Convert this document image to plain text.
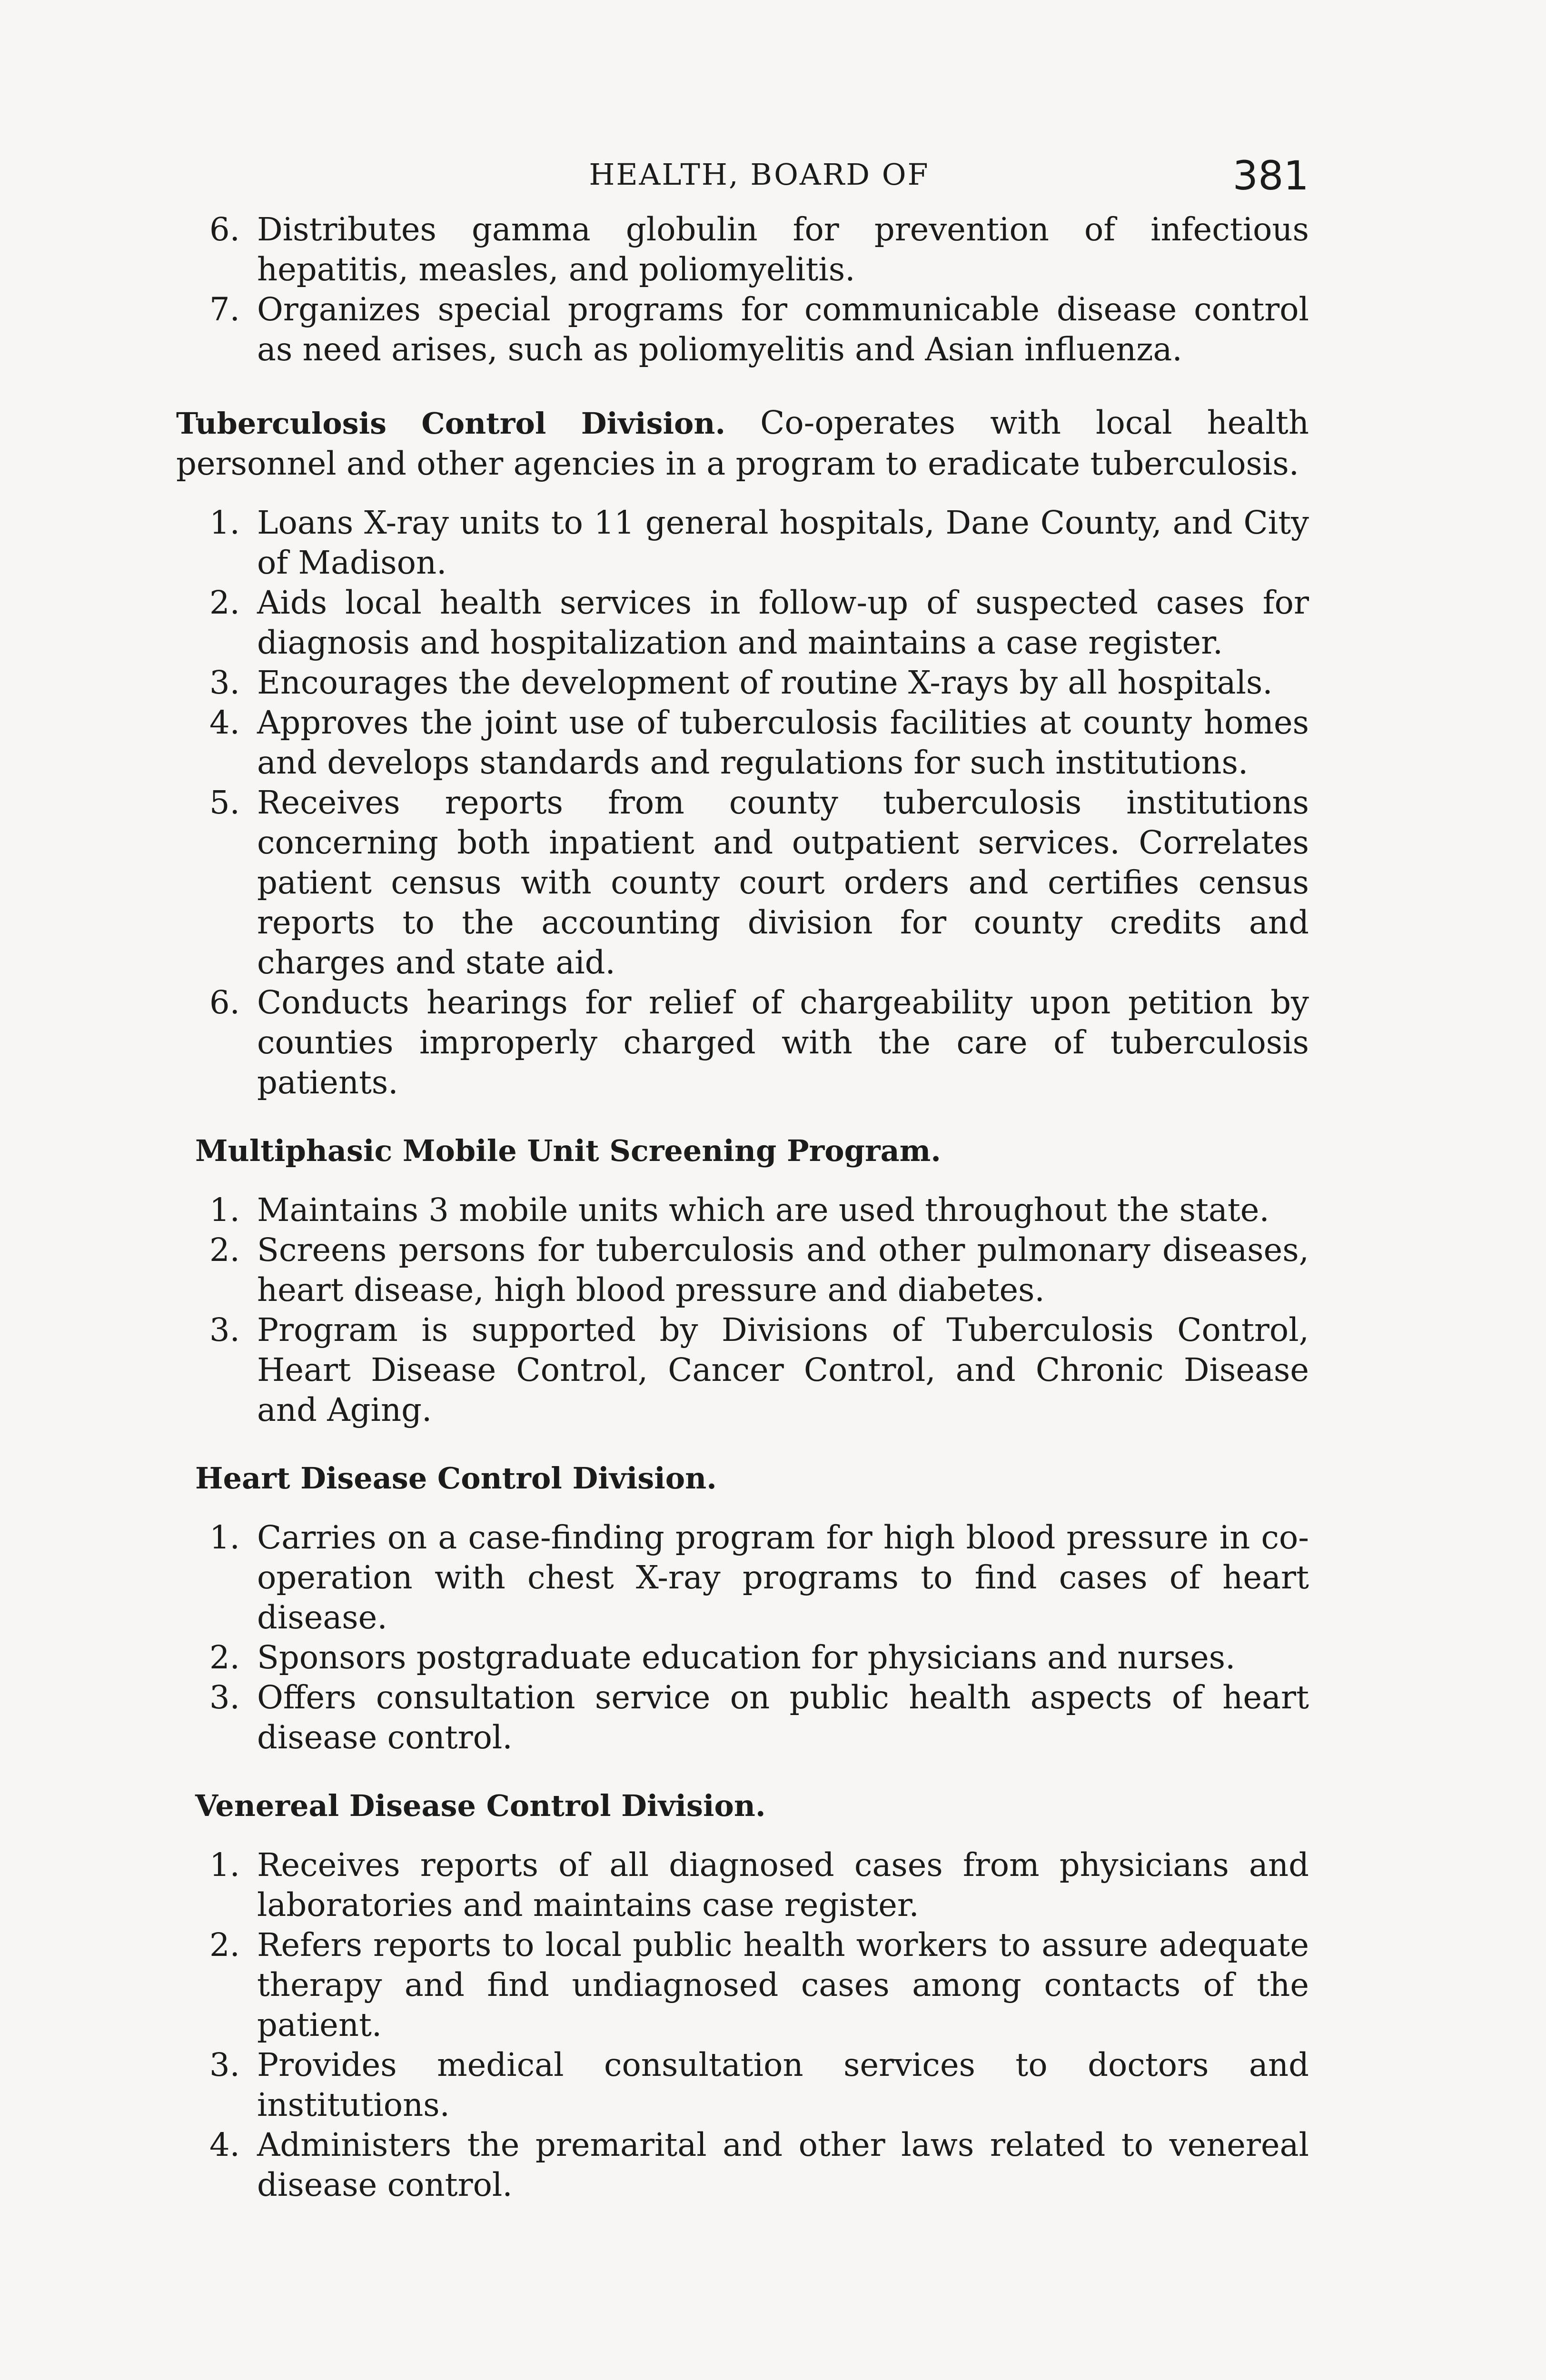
HEALTH, BOARD OF	381
6. Distributes gamma globulin for prevention of infectious hepatitis, measles, and poliomyelitis.
7. Organizes special programs for communicable disease control as need arises, such as poliomyelitis and Asian influenza.

Tuberculosis Control Division. Co-operates with local health personnel and other agencies in a program to eradicate tuberculosis.

1. Loans X-ray units to 11 general hospitals, Dane County, and City of Madison.
2. Aids local health services in follow-up of suspected cases for diagnosis and hospitalization and maintains a case register.
3. Encourages the development of routine X-rays by all hospitals.
4. Approves the joint use of tuberculosis facilities at county homes and develops standards and regulations for such institutions.
5. Receives reports from county tuberculosis institutions concerning both inpatient and outpatient services. Correlates patient census with county court orders and certifies census reports to the accounting division for county credits and charges and state aid.
6. Conducts hearings for relief of chargeability upon petition by counties improperly charged with the care of tuberculosis patients.
Multiphasic Mobile Unit Screening Program.
1. Maintains 3 mobile units which are used throughout the state.
2. Screens persons for tuberculosis and other pulmonary diseases, heart disease, high blood pressure and diabetes.
3. Program is supported by Divisions of Tuberculosis Control, Heart Disease Control, Cancer Control, and Chronic Disease and Aging.
Heart Disease Control Division.
1. Carries on a case-finding program for high blood pressure in co-operation with chest X-ray programs to find cases of heart disease.
2. Sponsors postgraduate education for physicians and nurses.
3. Offers consultation service on public health aspects of heart disease control.
Venereal Disease Control Division.
1. Receives reports of all diagnosed cases from physicians and laboratories and maintains case register.
2. Refers reports to local public health workers to assure adequate therapy and find undiagnosed cases among contacts of the patient.
3. Provides medical consultation services to doctors and institutions.
4. Administers the premarital and other laws related to venereal disease control.
